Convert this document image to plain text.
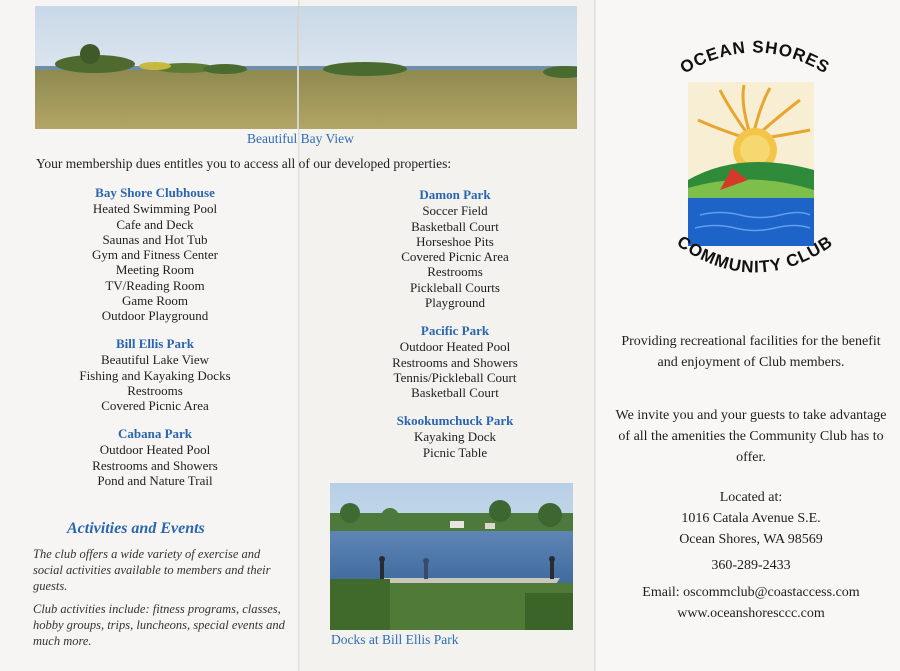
Beautiful Bay View
Your membership dues entitles you to access all of our developed properties:
Bay Shore Clubhouse
Heated Swimming Pool
Cafe and Deck
Saunas and Hot Tub
Gym and Fitness Center
Meeting Room
TV/Reading Room
Game Room
Outdoor Playground
Bill Ellis Park
Beautiful Lake View
Fishing and Kayaking Docks
Restrooms
Covered Picnic Area
Cabana Park
Outdoor Heated Pool
Restrooms and Showers
Pond and Nature Trail
Damon Park
Soccer Field
Basketball Court
Horseshoe Pits
Covered Picnic Area
Restrooms
Pickleball Courts
Playground
Pacific Park
Outdoor Heated Pool
Restrooms and Showers
Tennis/Pickleball Court
Basketball Court
Skookumchuck Park
Kayaking Dock
Picnic Table
Activities and Events
The club offers a wide variety of exercise and social activities available to members and their guests.
Club activities include: fitness programs, classes, hobby groups, trips, luncheons, special events and much more.	Docks at Bill Ellis Park
OCEAN SHORES
COMMUNITY CLUB
Providing recreational facilities for the benefit and enjoyment of Club members.
We invite you and your guests to take advantage of all the amenities the Community Club has to offer.
Located at:
1016 Catala Avenue S.E.
Ocean Shores, WA 98569
360-289-2433
Email: oscommclub@coastaccess.com
www.oceanshoresccc.com
